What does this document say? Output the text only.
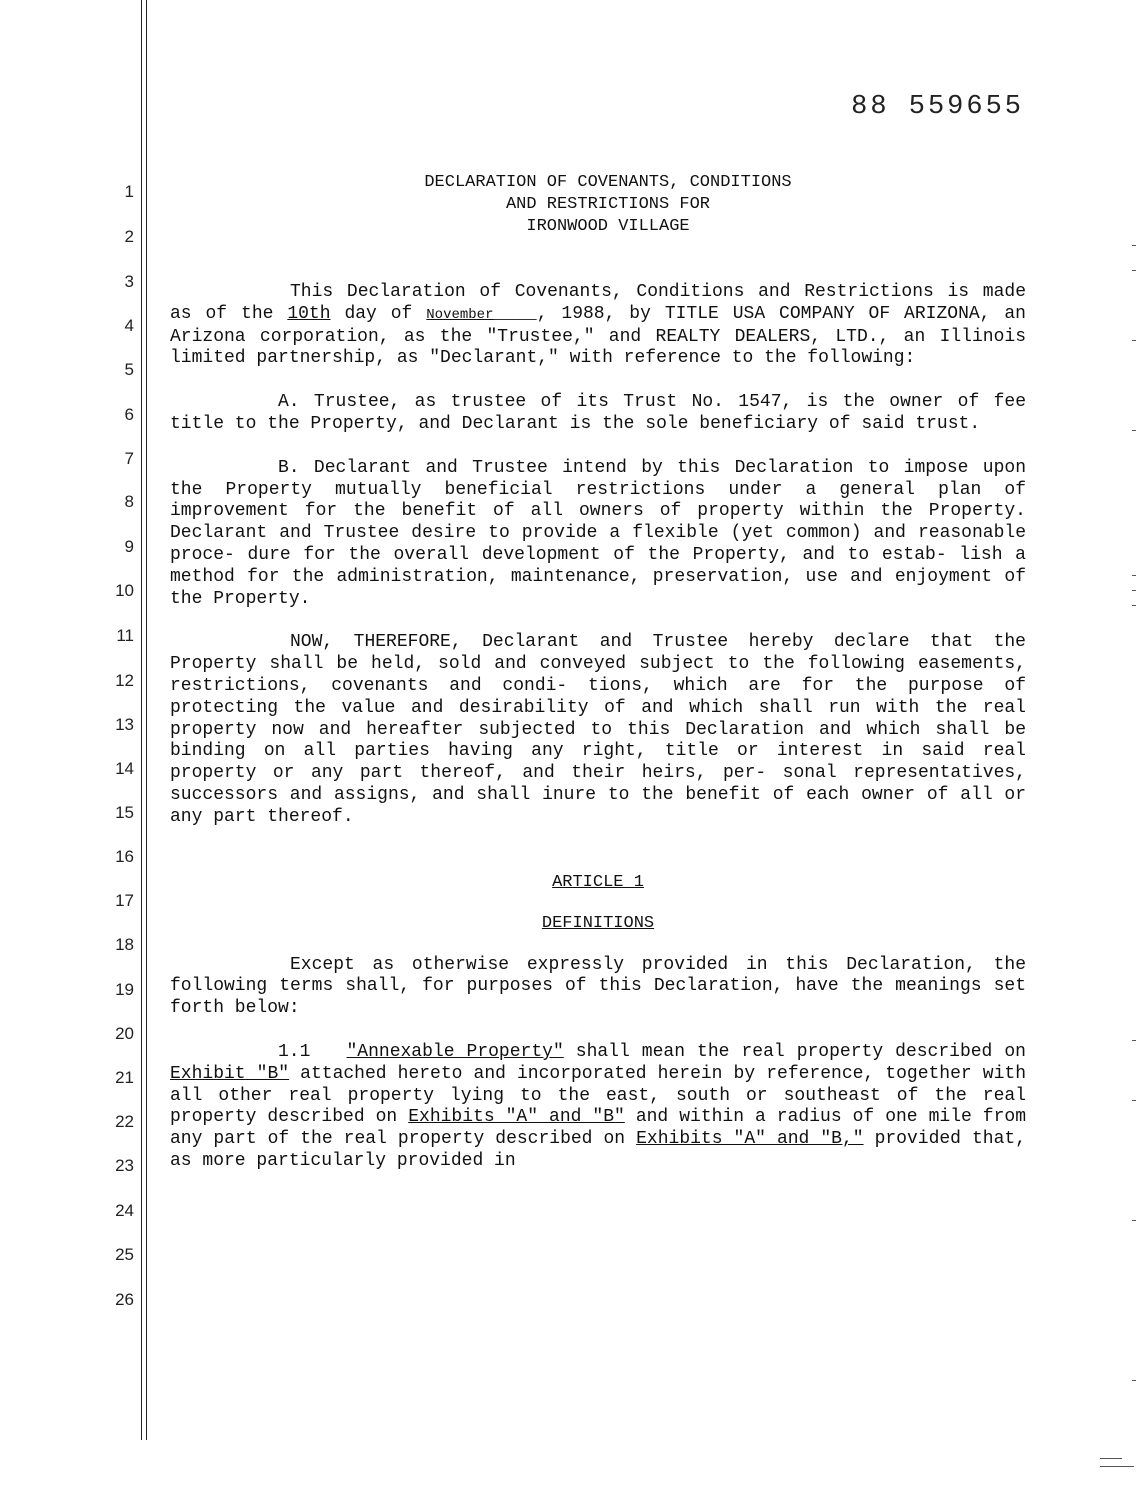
88 559655
1
2
3
4
5
6
7
8
9
10
11
12
13
14
15
16
17
18
19
20
21
22
23
24
25
26

DECLARATION OF COVENANTS, CONDITIONS

AND RESTRICTIONS FOR

IRONWOOD VILLAGE

This Declaration of Covenants, Conditions and Restrictions is made as of the 10th day of November____, 1988, by TITLE USA COMPANY OF ARIZONA, an Arizona corporation, as the "Trustee," and REALTY DEALERS, LTD., an Illinois limited partnership, as "Declarant," with reference to the following:

A. Trustee, as trustee of its Trust No. 1547, is the owner of fee title to the Property, and Declarant is the sole beneficiary of said trust.

B. Declarant and Trustee intend by this Declaration to impose upon the Property mutually beneficial restrictions under a general plan of improvement for the benefit of all owners of property within the Property. Declarant and Trustee desire to provide a flexible (yet common) and reasonable proce- dure for the overall development of the Property, and to estab- lish a method for the administration, maintenance, preservation, use and enjoyment of the Property.

NOW, THEREFORE, Declarant and Trustee hereby declare that the Property shall be held, sold and conveyed subject to the following easements, restrictions, covenants and condi- tions, which are for the purpose of protecting the value and desirability of and which shall run with the real property now and hereafter subjected to this Declaration and which shall be binding on all parties having any right, title or interest in said real property or any part thereof, and their heirs, per- sonal representatives, successors and assigns, and shall inure to the benefit of each owner of all or any part thereof.

ARTICLE 1

DEFINITIONS

Except as otherwise expressly provided in this Declaration, the following terms shall, for purposes of this Declaration, have the meanings set forth below:

1.1 "Annexable Property" shall mean the real property described on Exhibit "B" attached hereto and incorporated herein by reference, together with all other real property lying to the east, south or southeast of the real property described on Exhibits "A" and "B" and within a radius of one mile from any part of the real property described on Exhibits "A" and "B," provided that, as more particularly provided in
